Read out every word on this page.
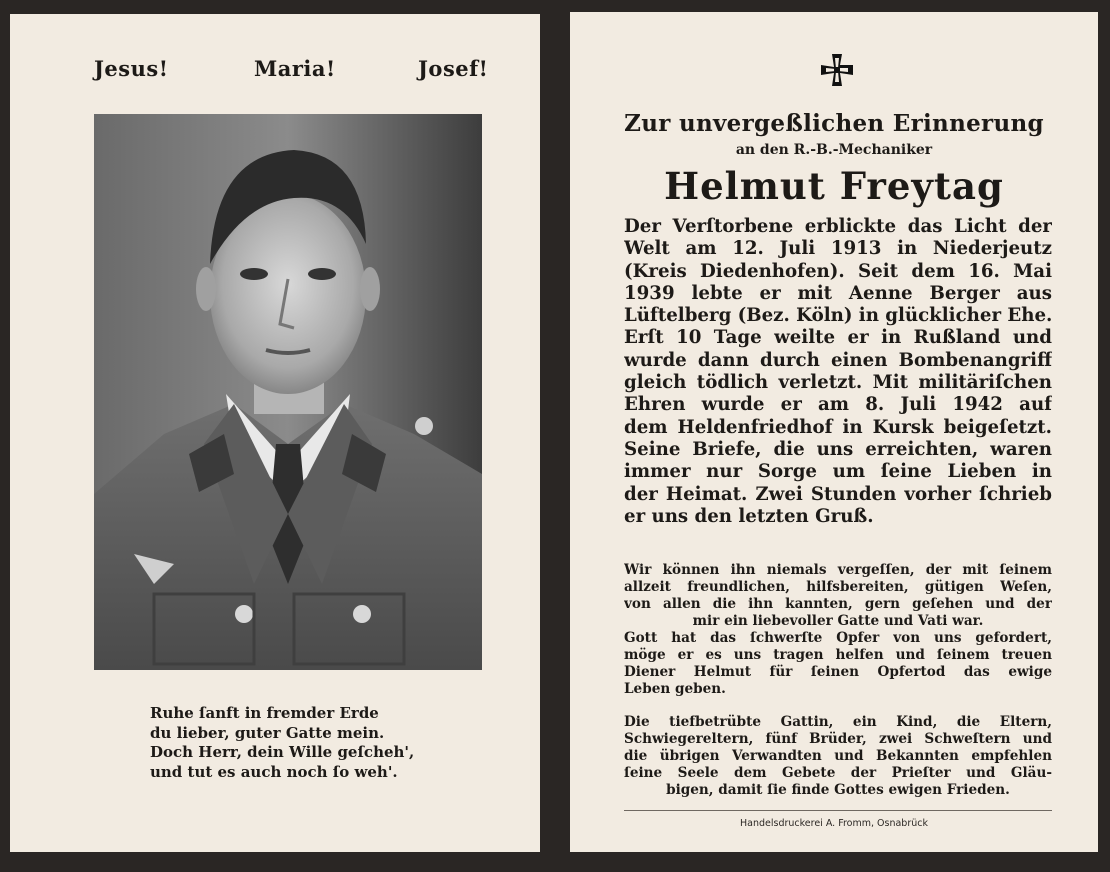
Jesus!	Maria!	Josef!
Ruhe ſanft in fremder Erde
du lieber, guter Gatte mein.
Doch Herr, dein Wille geſcheh',
und tut es auch noch ſo weh'.
Zur unvergeßlichen Erinnerung
an den R.-B.-Mechaniker
Helmut Freytag
Der Verſtorbene erblickte das Licht der
Welt am 12. Juli 1913 in Niederjeutz
(Kreis Diedenhofen). Seit dem 16. Mai
1939 lebte er mit Aenne Berger aus
Lüftelberg (Bez. Köln) in glücklicher Ehe.
Erſt 10 Tage weilte er in Rußland und
wurde dann durch einen Bombenangriff
gleich tödlich verletzt. Mit militäriſchen
Ehren wurde er am 8. Juli 1942 auf
dem Heldenfriedhof in Kursk beigeſetzt.
Seine Briefe, die uns erreichten, waren
immer nur Sorge um ſeine Lieben in
der Heimat. Zwei Stunden vorher ſchrieb
er uns den letzten Gruß.
Wir können ihn niemals vergeſſen, der mit ſeinem
allzeit freundlichen, hilfsbereiten, gütigen Weſen,
von allen die ihn kannten, gern geſehen und der
mir ein liebevoller Gatte und Vati war.
Gott hat das ſchwerſte Opfer von uns gefordert,
möge er es uns tragen helfen und ſeinem treuen
Diener Helmut für ſeinen Opfertod das ewige
Leben geben.
Die tiefbetrübte Gattin, ein Kind, die Eltern,
Schwiegereltern, fünf Brüder, zwei Schweſtern und
die übrigen Verwandten und Bekannten empfehlen
ſeine Seele dem Gebete der Prieſter und Gläu-
bigen, damit ſie finde Gottes ewigen Frieden.
Handelsdruckerei A. Fromm, Osnabrück
